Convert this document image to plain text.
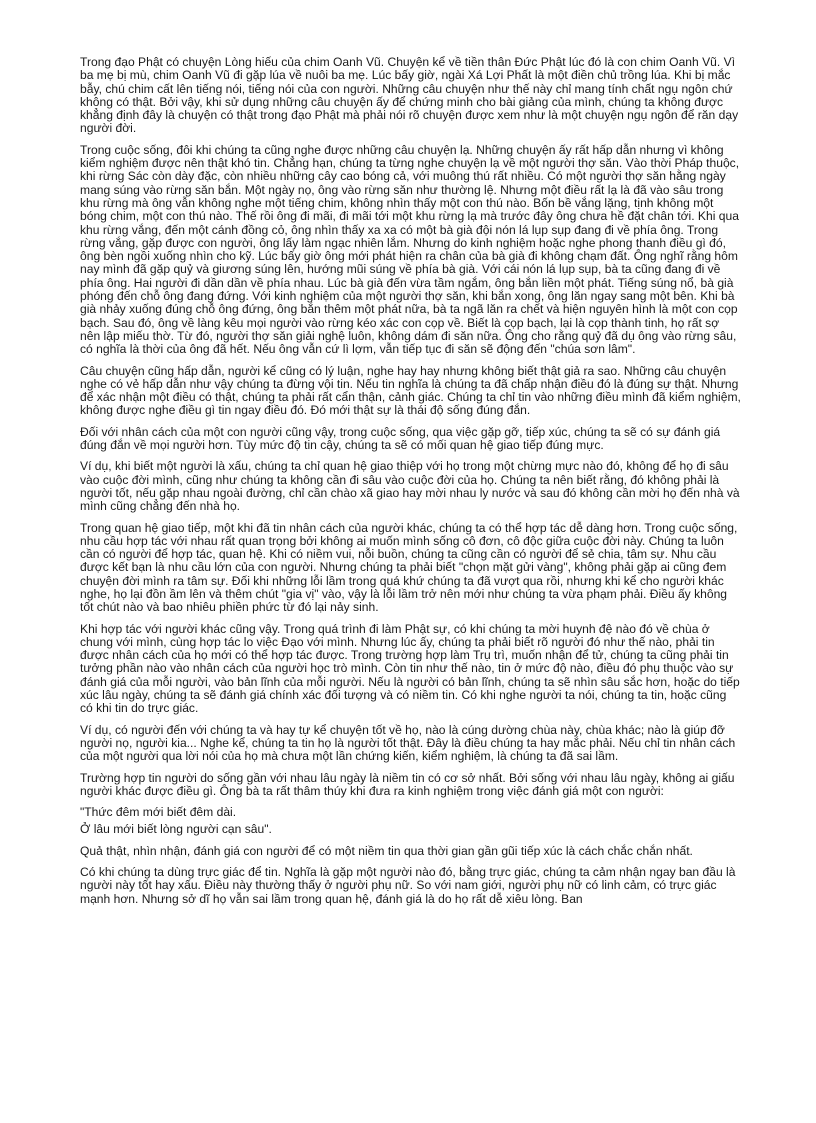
Trong đạo Phật có chuyện Lòng hiếu của chim Oanh Vũ. Chuyện kể về tiền thân Đức Phật lúc đó là con chim Oanh Vũ. Vì ba mẹ bị mù, chim Oanh Vũ đi gặp lúa về nuôi ba mẹ. Lúc bấy giờ, ngài Xá Lợi Phất là một điền chủ trồng lúa. Khi bị mắc bẫy, chú chim cất lên tiếng nói, tiếng nói của con người. Những câu chuyện như thế này chỉ mang tính chất ngụ ngôn chứ không có thật. Bởi vậy, khi sử dụng những câu chuyện ấy để chứng minh cho bài giảng của mình, chúng ta không được khẳng định đây là chuyện có thật trong đạo Phật mà phải nói rõ chuyện được xem như là một chuyện ngụ ngôn để răn dạy người đời.

Trong cuộc sống, đôi khi chúng ta cũng nghe được những câu chuyện lạ. Những chuyện ấy rất hấp dẫn nhưng vì không kiểm nghiệm được nên thật khó tin. Chẳng hạn, chúng ta từng nghe chuyện lạ về một người thợ săn. Vào thời Pháp thuộc, khi rừng Sác còn dày đặc, còn nhiều những cây cao bóng cả, với muông thú rất nhiều. Có một người thợ săn hằng ngày mang súng vào rừng săn bắn. Một ngày nọ, ông vào rừng săn như thường lệ. Nhưng một điều rất lạ là đã vào sâu trong khu rừng mà ông vẫn không nghe một tiếng chim, không nhìn thấy một con thú nào. Bốn bề vắng lặng, tịnh không một bóng chim, một con thú nào. Thế rồi ông đi mãi, đi mãi tới một khu rừng lạ mà trước đây ông chưa hề đặt chân tới. Khi qua khu rừng vắng, đến một cánh đồng cỏ, ông nhìn thấy xa xa có một bà già đội nón lá lụp sụp đang đi về phía ông. Trong rừng vắng, gặp được con người, ông lấy làm ngạc nhiên lắm. Nhưng do kinh nghiệm hoặc nghe phong thanh điều gì đó, ông bèn ngồi xuống nhìn cho kỹ. Lúc bấy giờ ông mới phát hiện ra chân của bà già đi không chạm đất. Ông nghĩ rằng hôm nay mình đã gặp quỷ và giương súng lên, hướng mũi súng về phía bà già. Với cái nón lá lụp sụp, bà ta cũng đang đi về phía ông. Hai người đi dần dần về phía nhau. Lúc bà già đến vừa tầm ngắm, ông bắn liền một phát. Tiếng súng nổ, bà già phóng đến chỗ ông đang đứng. Với kinh nghiệm của một người thợ săn, khi bắn xong, ông lăn ngay sang một bên. Khi bà già nhảy xuống đúng chỗ ông đứng, ông bắn thêm một phát nữa, bà ta ngã lăn ra chết và hiện nguyên hình là một con cọp bạch. Sau đó, ông về làng kêu mọi người vào rừng kéo xác con cọp về. Biết là cọp bạch, lại là cọp thành tinh, họ rất sợ nên lập miếu thờ. Từ đó, người thợ săn giải nghệ luôn, không dám đi săn nữa. Ông cho rằng quỷ đã dụ ông vào rừng sâu, có nghĩa là thời của ông đã hết. Nếu ông vẫn cứ lì lợm, vẫn tiếp tục đi săn sẽ động đến "chúa sơn lâm".

Câu chuyện cũng hấp dẫn, người kể cũng có lý luận, nghe hay hay nhưng không biết thật giả ra sao. Những câu chuyện nghe có vẻ hấp dẫn như vậy chúng ta đừng vội tin. Nếu tin nghĩa là chúng ta đã chấp nhận điều đó là đúng sự thật. Nhưng để xác nhận một điều có thật, chúng ta phải rất cẩn thận, cảnh giác. Chúng ta chỉ tin vào những điều mình đã kiểm nghiệm, không được nghe điều gì tin ngay điều đó. Đó mới thật sự là thái độ sống đúng đắn.

Đối với nhân cách của một con người cũng vậy, trong cuộc sống, qua việc gặp gỡ, tiếp xúc, chúng ta sẽ có sự đánh giá đúng đắn về mọi người hơn. Tùy mức độ tin cậy, chúng ta sẽ có mối quan hệ giao tiếp đúng mực.

Ví dụ, khi biết một người là xấu, chúng ta chỉ quan hệ giao thiệp với họ trong một chừng mực nào đó, không để họ đi sâu vào cuộc đời mình, cũng như chúng ta không cần đi sâu vào cuộc đời của họ. Chúng ta nên biết rằng, đó không phải là người tốt, nếu gặp nhau ngoài đường, chỉ cần chào xã giao hay mời nhau ly nước và sau đó không cần mời họ đến nhà và mình cũng chẳng đến nhà họ.

Trong quan hệ giao tiếp, một khi đã tin nhân cách của người khác, chúng ta có thể hợp tác dễ dàng hơn. Trong cuộc sống, nhu cầu hợp tác với nhau rất quan trọng bởi không ai muốn mình sống cô đơn, cô độc giữa cuộc đời này. Chúng ta luôn cần có người để hợp tác, quan hệ. Khi có niềm vui, nỗi buồn, chúng ta cũng cần có người để sẻ chia, tâm sự. Nhu cầu được kết bạn là nhu cầu lớn của con người. Nhưng chúng ta phải biết "chọn mặt gửi vàng", không phải gặp ai cũng đem chuyện đời mình ra tâm sự. Đối khi những lỗi lầm trong quá khứ chúng ta đã vượt qua rồi, nhưng khi kể cho người khác nghe, họ lại đồn ầm lên và thêm chút "gia vị" vào, vậy là lỗi lầm trở nên mới như chúng ta vừa phạm phải. Điều ấy không tốt chút nào và bao nhiêu phiền phức từ đó lại nảy sinh.

Khi hợp tác với người khác cũng vậy. Trong quá trình đi làm Phật sự, có khi chúng ta mời huynh đệ nào đó về chùa ở chung với mình, cùng hợp tác lo việc Đạo với mình. Nhưng lúc ấy, chúng ta phải biết rõ người đó như thế nào, phải tin được nhân cách của họ mới có thể hợp tác được. Trong trường hợp làm Trụ trì, muốn nhận để tử, chúng ta cũng phải tin tưởng phần nào vào nhân cách của người học trò mình. Còn tin như thế nào, tin ở mức độ nào, điều đó phụ thuộc vào sự đánh giá của mỗi người, vào bản lĩnh của mỗi người. Nếu là người có bản lĩnh, chúng ta sẽ nhìn sâu sắc hơn, hoặc do tiếp xúc lâu ngày, chúng ta sẽ đánh giá chính xác đối tượng và có niềm tin. Có khi nghe người ta nói, chúng ta tin, hoặc cũng có khi tin do trực giác.

Ví dụ, có người đến với chúng ta và hay tự kể chuyện tốt về họ, nào là cúng dường chùa này, chùa khác; nào là giúp đỡ người nọ, người kia... Nghe kể, chúng ta tin họ là người tốt thật. Đây là điều chúng ta hay mắc phải. Nếu chỉ tin nhân cách của một người qua lời nói của họ mà chưa một lần chứng kiến, kiểm nghiệm, là chúng ta đã sai lầm.

Trường hợp tin người do sống gần với nhau lâu ngày là niềm tin có cơ sở nhất. Bởi sống với nhau lâu ngày, không ai giấu người khác được điều gì. Ông bà ta rất thâm thúy khi đưa ra kinh nghiệm trong việc đánh giá một con người:

"Thức đêm mới biết đêm dài.

Ở lâu mới biết lòng người cạn sâu".

Quả thật, nhìn nhận, đánh giá con người để có một niềm tin qua thời gian gần gũi tiếp xúc là cách chắc chắn nhất.

Có khi chúng ta dùng trực giác để tin. Nghĩa là gặp một người nào đó, bằng trực giác, chúng ta cảm nhận ngay ban đầu là người này tốt hay xấu. Điều này thường thấy ở người phụ nữ. So với nam giới, người phụ nữ có linh cảm, có trực giác mạnh hơn. Nhưng sở dĩ họ vẫn sai lầm trong quan hệ, đánh giá là do họ rất dễ xiêu lòng. Ban
